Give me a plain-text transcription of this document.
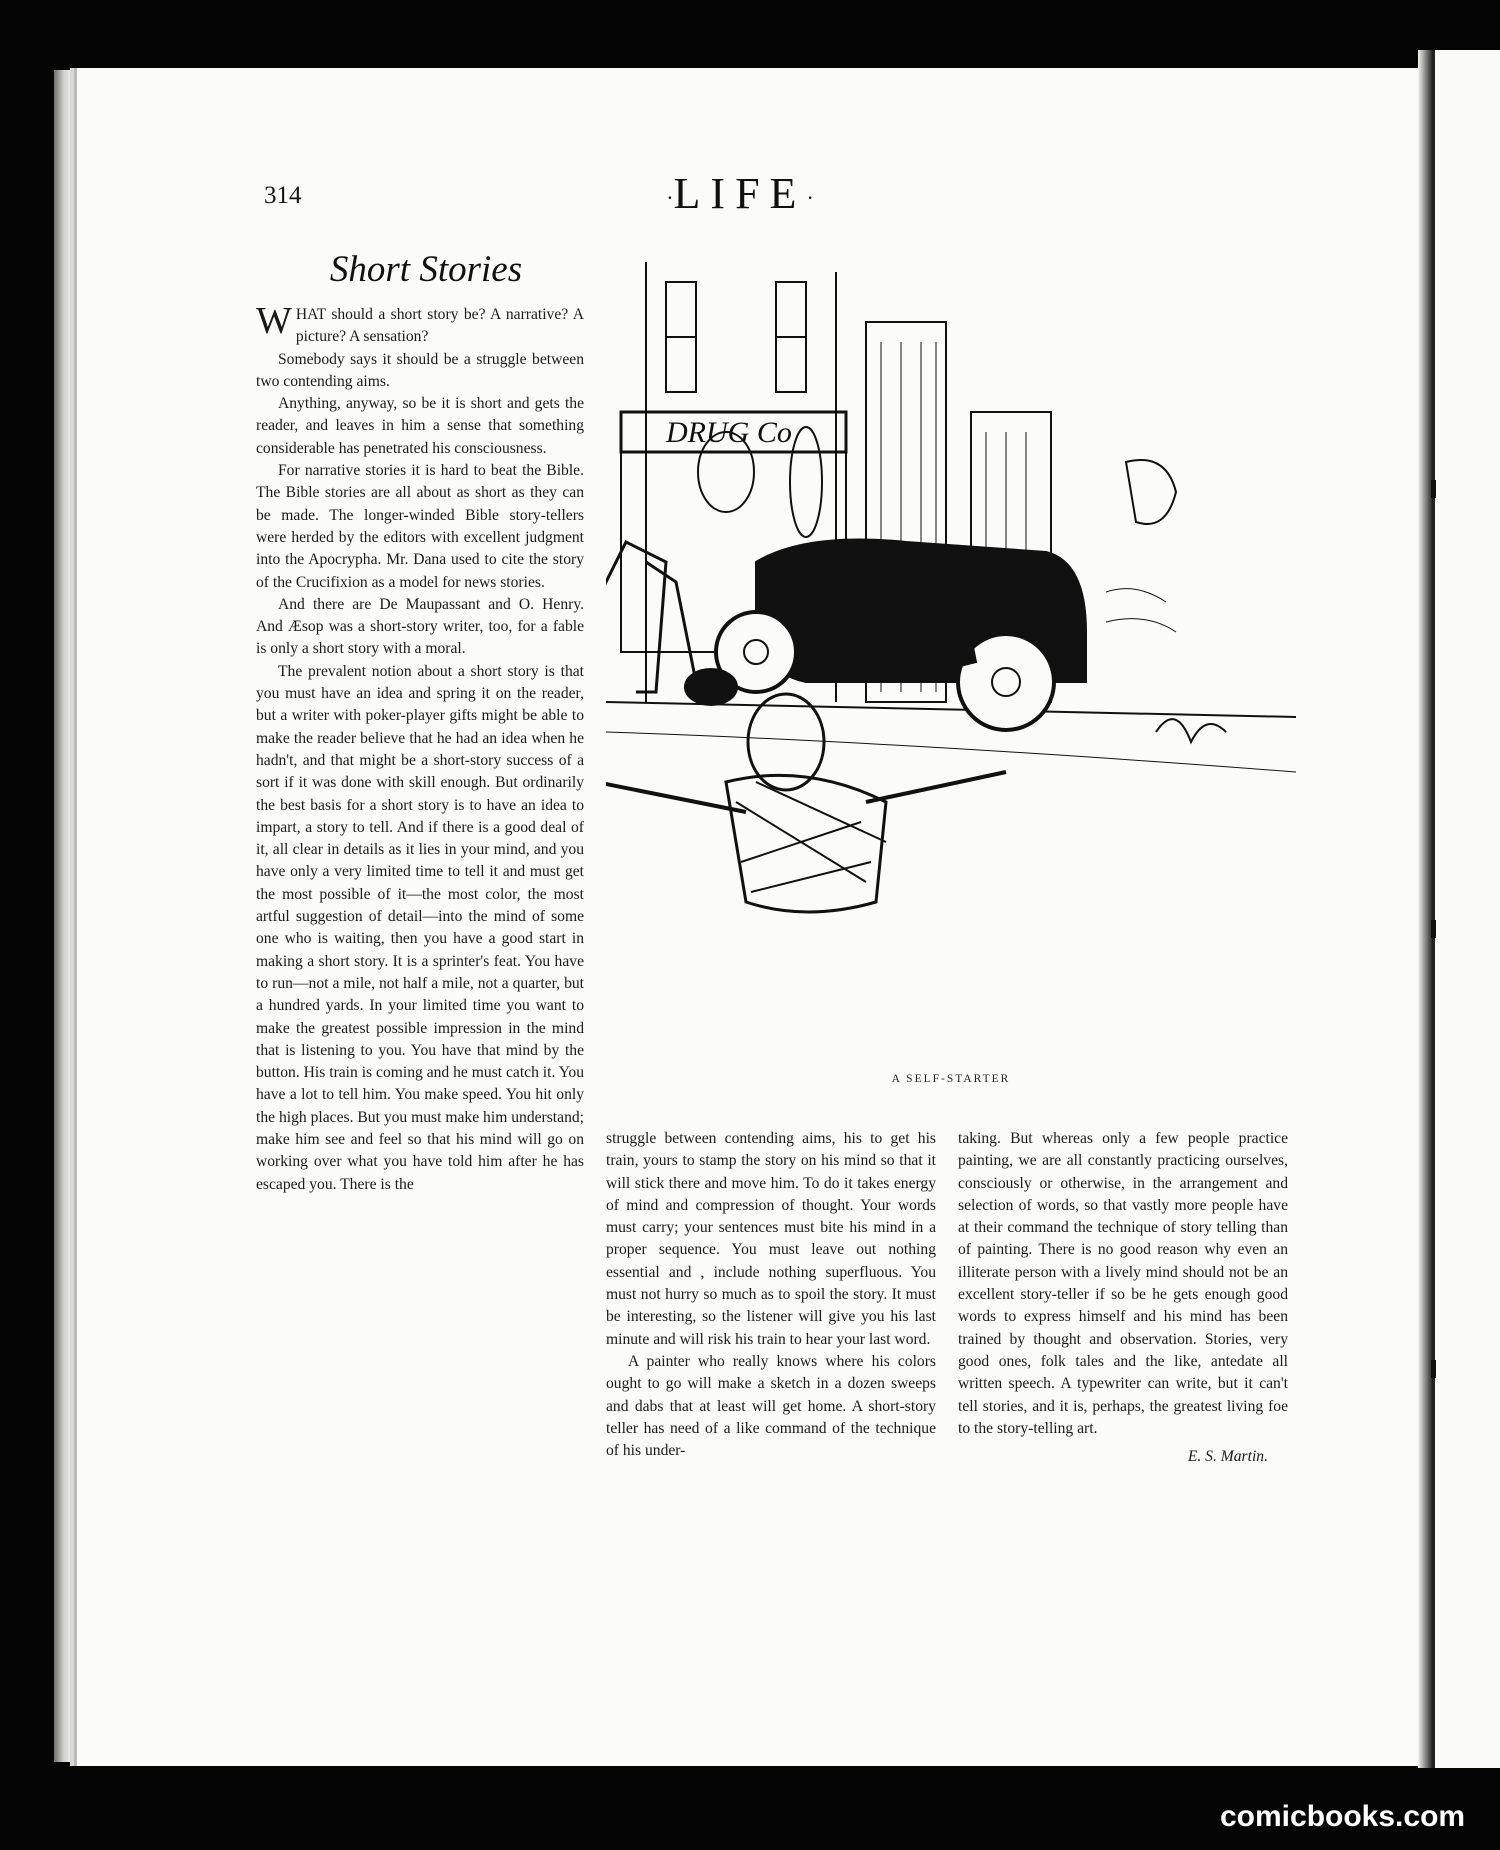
314	·LIFE·
Short Stories

WHAT should a short story be? A narrative? A picture? A sensation?

Somebody says it should be a struggle between two contending aims.

Anything, anyway, so be it is short and gets the reader, and leaves in him a sense that something considerable has penetrated his consciousness.

For narrative stories it is hard to beat the Bible. The Bible stories are all about as short as they can be made. The longer-winded Bible story-tellers were herded by the editors with excellent judgment into the Apocrypha. Mr. Dana used to cite the story of the Crucifixion as a model for news stories.

And there are De Maupassant and O. Henry. And Æsop was a short-story writer, too, for a fable is only a short story with a moral.

The prevalent notion about a short story is that you must have an idea and spring it on the reader, but a writer with poker-player gifts might be able to make the reader believe that he had an idea when he hadn't, and that might be a short-story success of a sort if it was done with skill enough. But ordinarily the best basis for a short story is to have an idea to impart, a story to tell. And if there is a good deal of it, all clear in details as it lies in your mind, and you have only a very limited time to tell it and must get the most possible of it—the most color, the most artful suggestion of detail—into the mind of some one who is waiting, then you have a good start in making a short story. It is a sprinter's feat. You have to run—not a mile, not half a mile, not a quarter, but a hundred yards. In your limited time you want to make the greatest possible impression in the mind that is listening to you. You have that mind by the button. His train is coming and he must catch it. You have a lot to tell him. You make speed. You hit only the high places. But you must make him understand; make him see and feel so that his mind will go on working over what you have told him after he has escaped you. There is the

DRUG Co
A SELF-STARTER

struggle between contending aims, his to get his train, yours to stamp the story on his mind so that it will stick there and move him. To do it takes energy of mind and compression of thought. Your words must carry; your sentences must bite his mind in a proper sequence. You must leave out nothing essential and , include nothing superfluous. You must not hurry so much as to spoil the story. It must be interesting, so the listener will give you his last minute and will risk his train to hear your last word.

A painter who really knows where his colors ought to go will make a sketch in a dozen sweeps and dabs that at least will get home. A short-story teller has need of a like command of the technique of his under-

taking. But whereas only a few people practice painting, we are all constantly practicing ourselves, consciously or otherwise, in the arrangement and selection of words, so that vastly more people have at their command the technique of story telling than of painting. There is no good reason why even an illiterate person with a lively mind should not be an excellent story-teller if so be he gets enough good words to express himself and his mind has been trained by thought and observation. Stories, very good ones, folk tales and the like, antedate all written speech. A typewriter can write, but it can't tell stories, and it is, perhaps, the greatest living foe to the story-telling art.

E. S. Martin.
comicbooks.com
